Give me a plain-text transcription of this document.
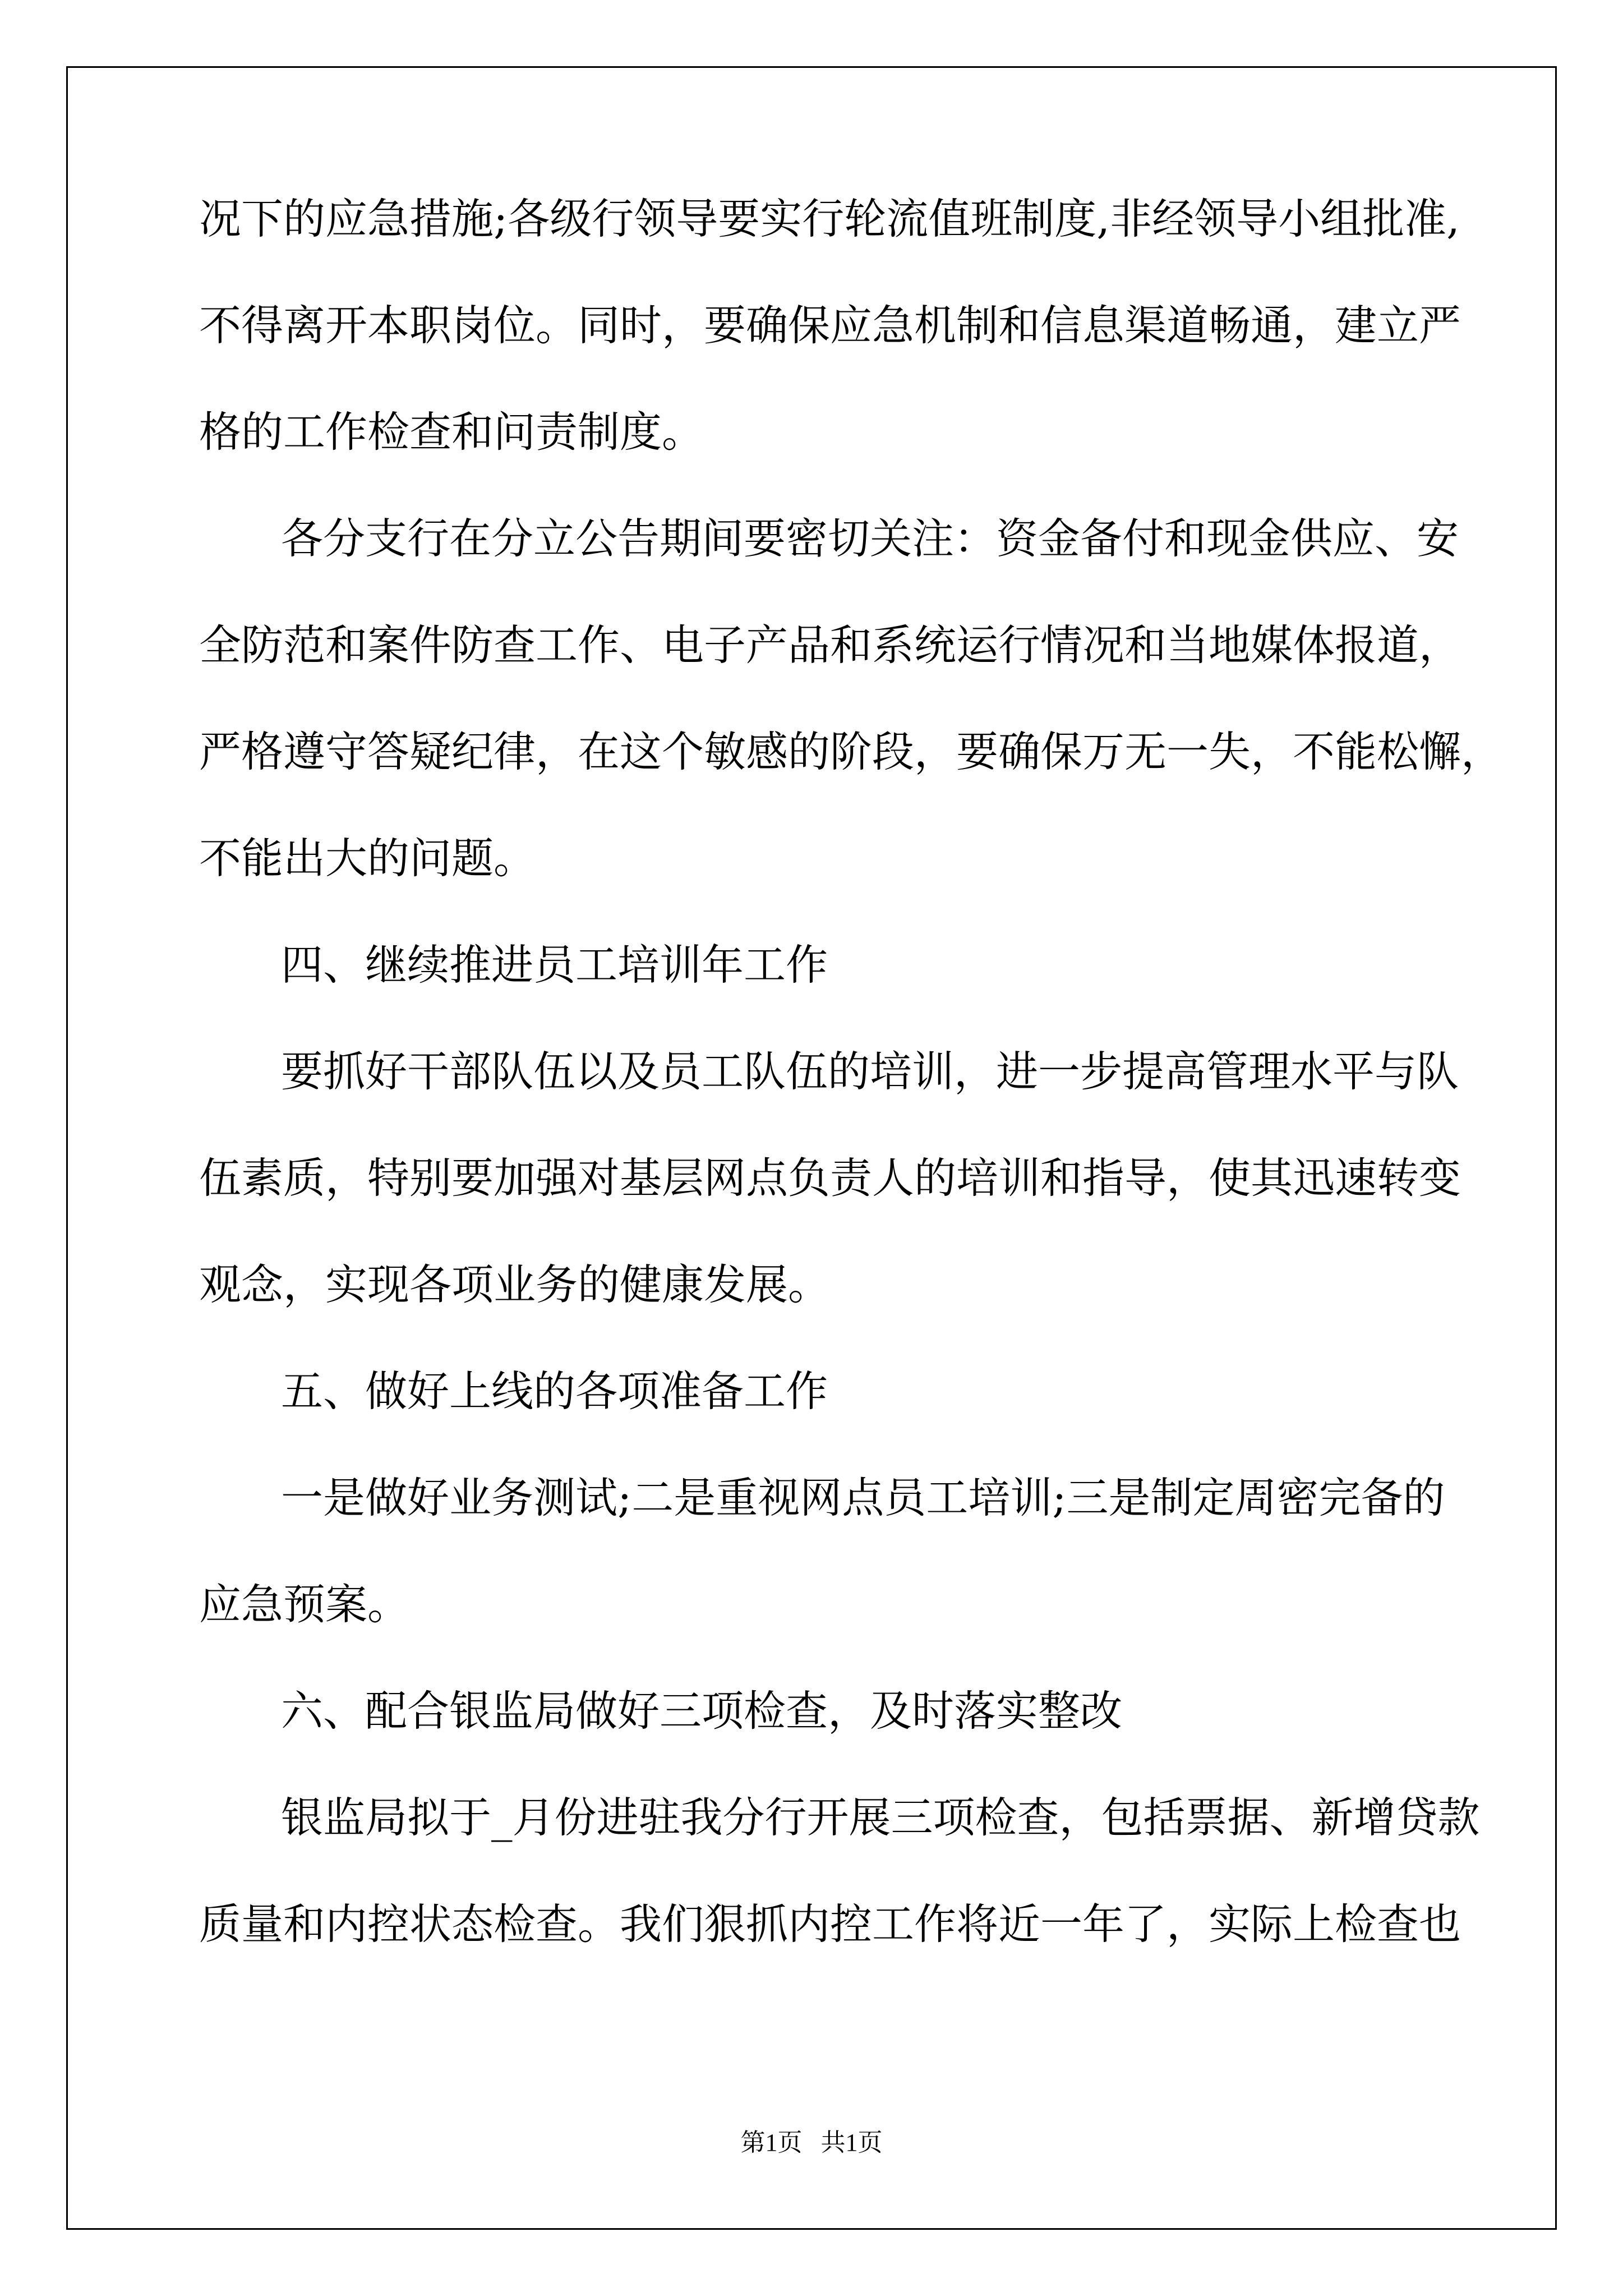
况下的应急措施;各级行领导要实行轮流值班制度,非经领导小组批准,
不得离开本职岗位。同时，要确保应急机制和信息渠道畅通，建立严
格的工作检查和问责制度。
各分支行在分立公告期间要密切关注：资金备付和现金供应、安
全防范和案件防查工作、电子产品和系统运行情况和当地媒体报道，
严格遵守答疑纪律，在这个敏感的阶段，要确保万无一失，不能松懈，
不能出大的问题。
四、继续推进员工培训年工作
要抓好干部队伍以及员工队伍的培训，进一步提高管理水平与队
伍素质，特别要加强对基层网点负责人的培训和指导，使其迅速转变
观念，实现各项业务的健康发展。
五、做好上线的各项准备工作
一是做好业务测试;二是重视网点员工培训;三是制定周密完备的
应急预案。
六、配合银监局做好三项检查，及时落实整改
银监局拟于_月份进驻我分行开展三项检查，包括票据、新增贷款
质量和内控状态检查。我们狠抓内控工作将近一年了，实际上检查也
第1页   共1页
